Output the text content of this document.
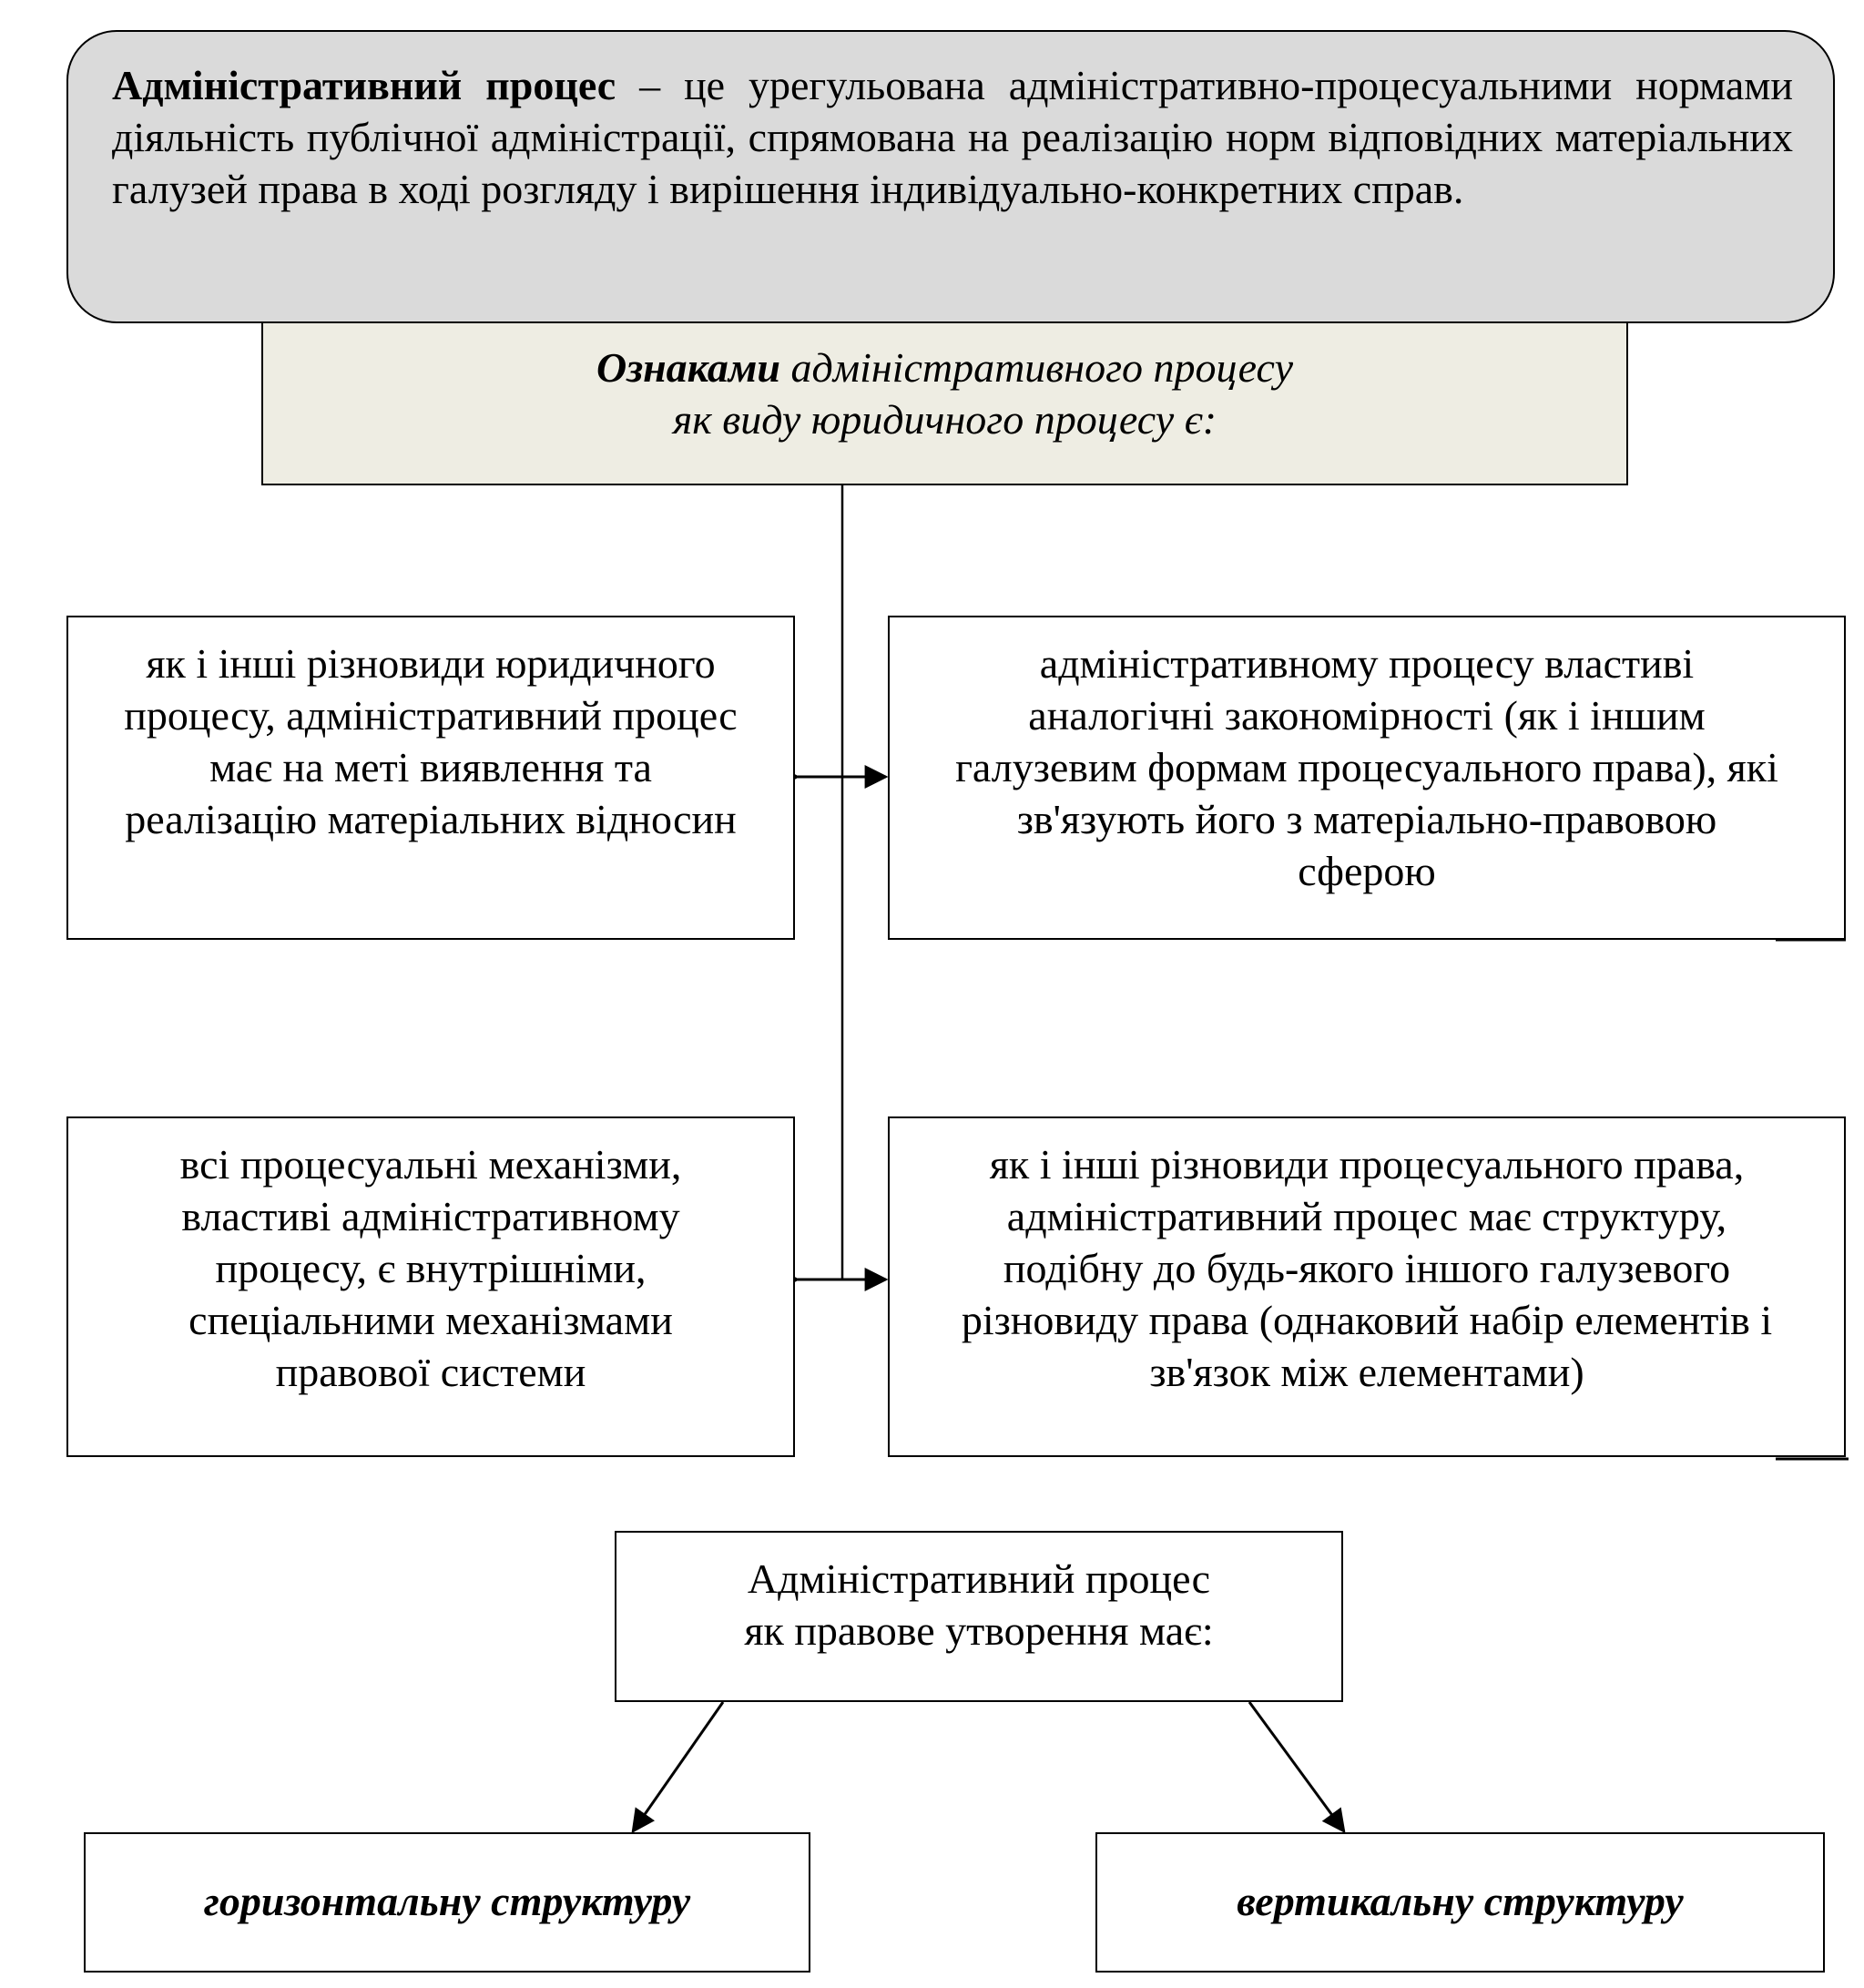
Адміністративний процес – це урегульована адміністративно-процесуальними нормами діяльність публічної адміністрації, спрямована на реалізацію норм відповідних матеріальних галузей права в ході розгляду і вирішення індивідуально-конкретних справ.
Ознаками адміністративного процесу
як виду юридичного процесу є:
як і інші різновиди юридичного
процесу, адміністративний процес
має на меті виявлення та
реалізацію матеріальних відносин
адміністративному процесу властиві
аналогічні закономірності (як і іншим
галузевим формам процесуального права), які
зв'язують його з матеріально-правовою
сферою
всі процесуальні механізми,
властиві адміністративному
процесу, є внутрішніми,
спеціальними механізмами
правової системи
як і інші різновиди процесуального права,
адміністративний процес має структуру,
подібну до будь-якого іншого галузевого
різновиду права (однаковий набір елементів і
зв'язок між елементами)
Адміністративний процес
як правове утворення має:
горизонтальну структуру	вертикальну структуру
